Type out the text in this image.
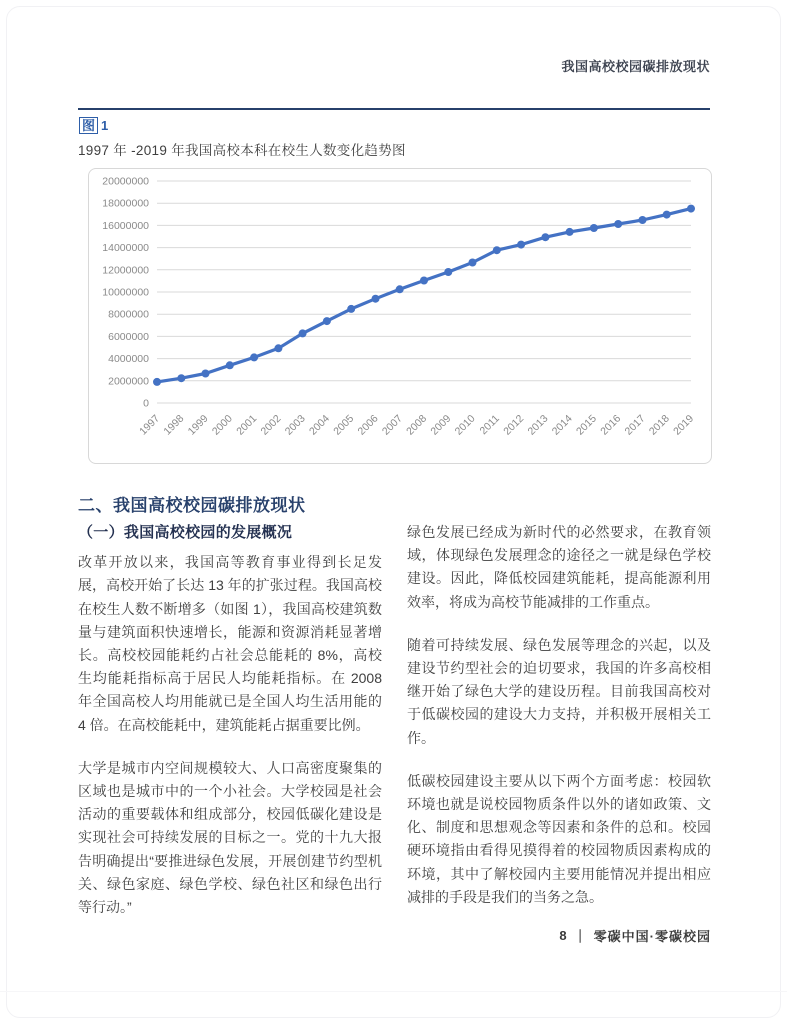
我国高校校园碳排放现状
图 1
1997 年 -2019 年我国高校本科在校生人数变化趋势图
0
2000000
4000000
6000000
8000000
10000000
12000000
14000000
16000000
18000000
20000000
1997 1998 1999 2000 2001 2002 2003 2004 2005 2006 2007 2008 2009 2010 2011 2012 2013 2014 2015 2016 2017 2018 2019
二、我国高校校园碳排放现状
（一）我国高校校园的发展概况

改革开放以来，我国高等教育事业得到长足发展，高校开始了长达 13 年的扩张过程。我国高校在校生人数不断增多（如图 1），我国高校建筑数量与建筑面积快速增长，能源和资源消耗显著增长。高校校园能耗约占社会总能耗的 8%，高校生均能耗指标高于居民人均能耗指标。在 2008 年全国高校人均用能就已是全国人均生活用能的 4 倍。在高校能耗中，建筑能耗占据重要比例。

大学是城市内空间规模较大、人口高密度聚集的区域也是城市中的一个小社会。大学校园是社会活动的重要载体和组成部分，校园低碳化建设是实现社会可持续发展的目标之一。党的十九大报告明确提出“要推进绿色发展，开展创建节约型机关、绿色家庭、绿色学校、绿色社区和绿色出行等行动。”

绿色发展已经成为新时代的必然要求，在教育领域，体现绿色发展理念的途径之一就是绿色学校建设。因此，降低校园建筑能耗，提高能源利用效率，将成为高校节能减排的工作重点。

随着可持续发展、绿色发展等理念的兴起，以及建设节约型社会的迫切要求，我国的许多高校相继开始了绿色大学的建设历程。目前我国高校对于低碳校园的建设大力支持，并积极开展相关工作。

低碳校园建设主要从以下两个方面考虑：校园软环境也就是说校园物质条件以外的诸如政策、文化、制度和思想观念等因素和条件的总和。校园硬环境指由看得见摸得着的校园物质因素构成的环境，其中了解校园内主要用能情况并提出相应减排的手段是我们的当务之急。

8 ｜ 零碳中国·零碳校园
